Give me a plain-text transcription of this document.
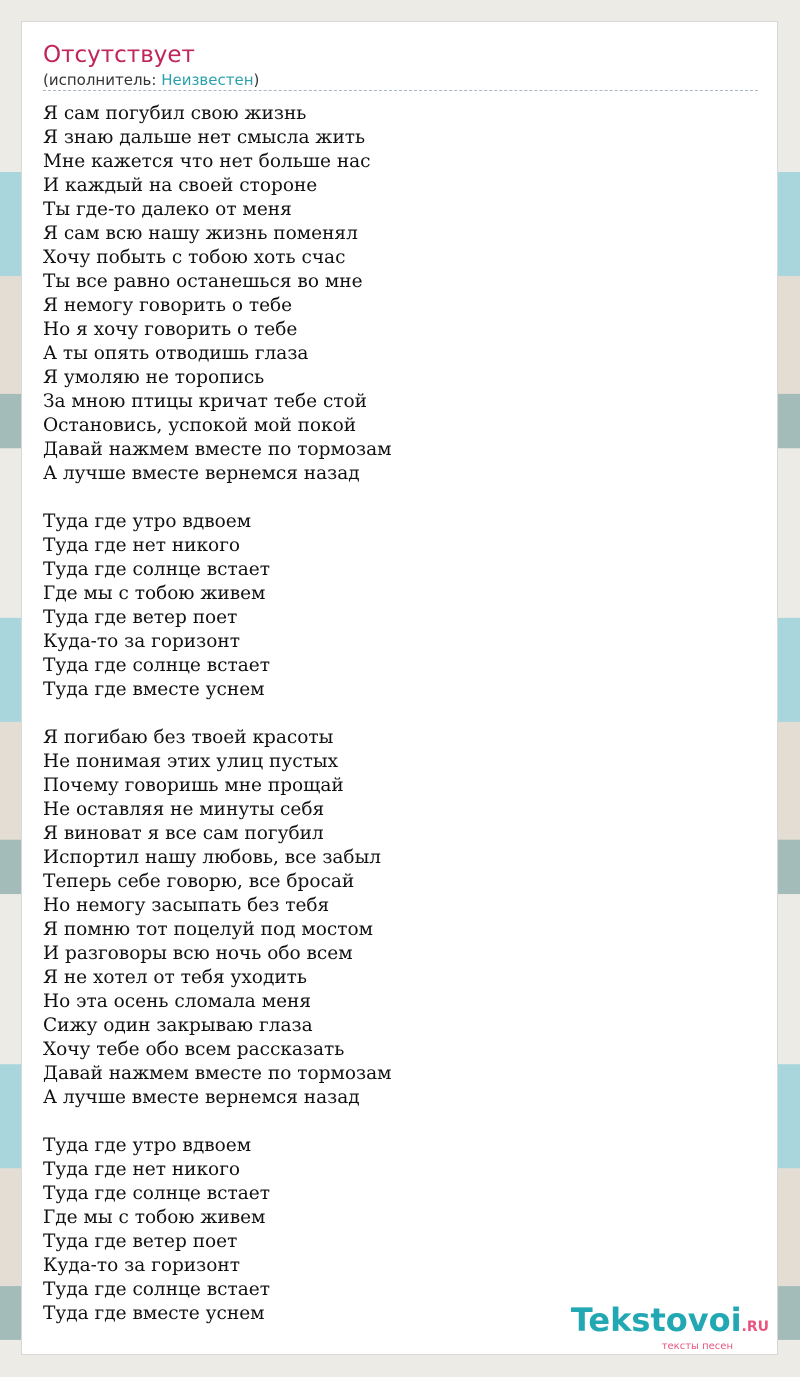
Отсутствует
(исполнитель: Неизвестен)
Я сам погубил свою жизнь
Я знаю дальше нет смысла жить
Мне кажется что нет больше нас
И каждый на своей стороне
Ты где-то далеко от меня
Я сам всю нашу жизнь поменял
Хочу побыть с тобою хоть счас
Ты все равно останешься во мне
Я немогу говорить о тебе
Но я хочу говорить о тебе
А ты опять отводишь глаза
Я умоляю не торопись
За мною птицы кричат тебе стой
Остановись, успокой мой покой
Давай нажмем вместе по тормозам
А лучше вместе вернемся назад
Туда где утро вдвоем
Туда где нет никого
Туда где солнце встает
Где мы с тобою живем
Туда где ветер поет
Куда-то за горизонт
Туда где солнце встает
Туда где вместе уснем
Я погибаю без твоей красоты
Не понимая этих улиц пустых
Почему говоришь мне прощай
Не оставляя не минуты себя
Я виноват я все сам погубил
Испортил нашу любовь, все забыл
Теперь себе говорю, все бросай
Но немогу засыпать без тебя
Я помню тот поцелуй под мостом
И разговоры всю ночь обо всем
Я не хотел от тебя уходить
Но эта осень сломала меня
Сижу один закрываю глаза
Хочу тебе обо всем рассказать
Давай нажмем вместе по тормозам
А лучше вместе вернемся назад
Туда где утро вдвоем
Туда где нет никого
Туда где солнце встает
Где мы с тобою живем
Туда где ветер поет
Куда-то за горизонт
Туда где солнце встает
Туда где вместе уснем	Tekstovoi.RU
тексты песен
